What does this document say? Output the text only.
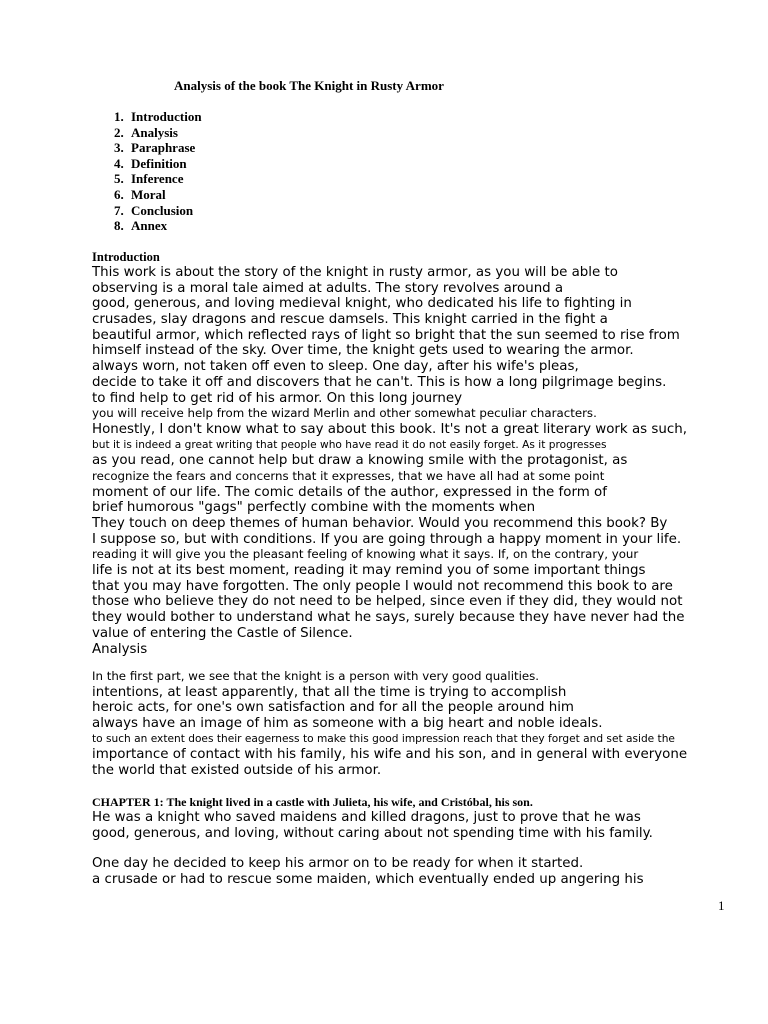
Analysis of the book The Knight in Rusty Armor
1. Introduction
2. Analysis
3. Paraphrase
4. Definition
5. Inference
6. Moral
7. Conclusion
8. Annex
Introduction
This work is about the story of the knight in rusty armor, as you will be able to
observing is a moral tale aimed at adults. The story revolves around a
good, generous, and loving medieval knight, who dedicated his life to fighting in
crusades, slay dragons and rescue damsels. This knight carried in the fight a
beautiful armor, which reflected rays of light so bright that the sun seemed to rise from
himself instead of the sky. Over time, the knight gets used to wearing the armor.
always worn, not taken off even to sleep. One day, after his wife's pleas,
decide to take it off and discovers that he can't. This is how a long pilgrimage begins.
to find help to get rid of his armor. On this long journey
you will receive help from the wizard Merlin and other somewhat peculiar characters.
Honestly, I don't know what to say about this book. It's not a great literary work as such,
but it is indeed a great writing that people who have read it do not easily forget. As it progresses
as you read, one cannot help but draw a knowing smile with the protagonist, as
recognize the fears and concerns that it expresses, that we have all had at some point
moment of our life. The comic details of the author, expressed in the form of
brief humorous "gags" perfectly combine with the moments when
They touch on deep themes of human behavior. Would you recommend this book? By
I suppose so, but with conditions. If you are going through a happy moment in your life.
reading it will give you the pleasant feeling of knowing what it says. If, on the contrary, your
life is not at its best moment, reading it may remind you of some important things
that you may have forgotten. The only people I would not recommend this book to are
those who believe they do not need to be helped, since even if they did, they would not
they would bother to understand what he says, surely because they have never had the
value of entering the Castle of Silence.
Analysis
In the first part, we see that the knight is a person with very good qualities.
intentions, at least apparently, that all the time is trying to accomplish
heroic acts, for one's own satisfaction and for all the people around him
always have an image of him as someone with a big heart and noble ideals.
to such an extent does their eagerness to make this good impression reach that they forget and set aside the
importance of contact with his family, his wife and his son, and in general with everyone
the world that existed outside of his armor.
CHAPTER 1: The knight lived in a castle with Julieta, his wife, and Cristóbal, his son.
He was a knight who saved maidens and killed dragons, just to prove that he was
good, generous, and loving, without caring about not spending time with his family.
One day he decided to keep his armor on to be ready for when it started.
a crusade or had to rescue some maiden, which eventually ended up angering his
1
